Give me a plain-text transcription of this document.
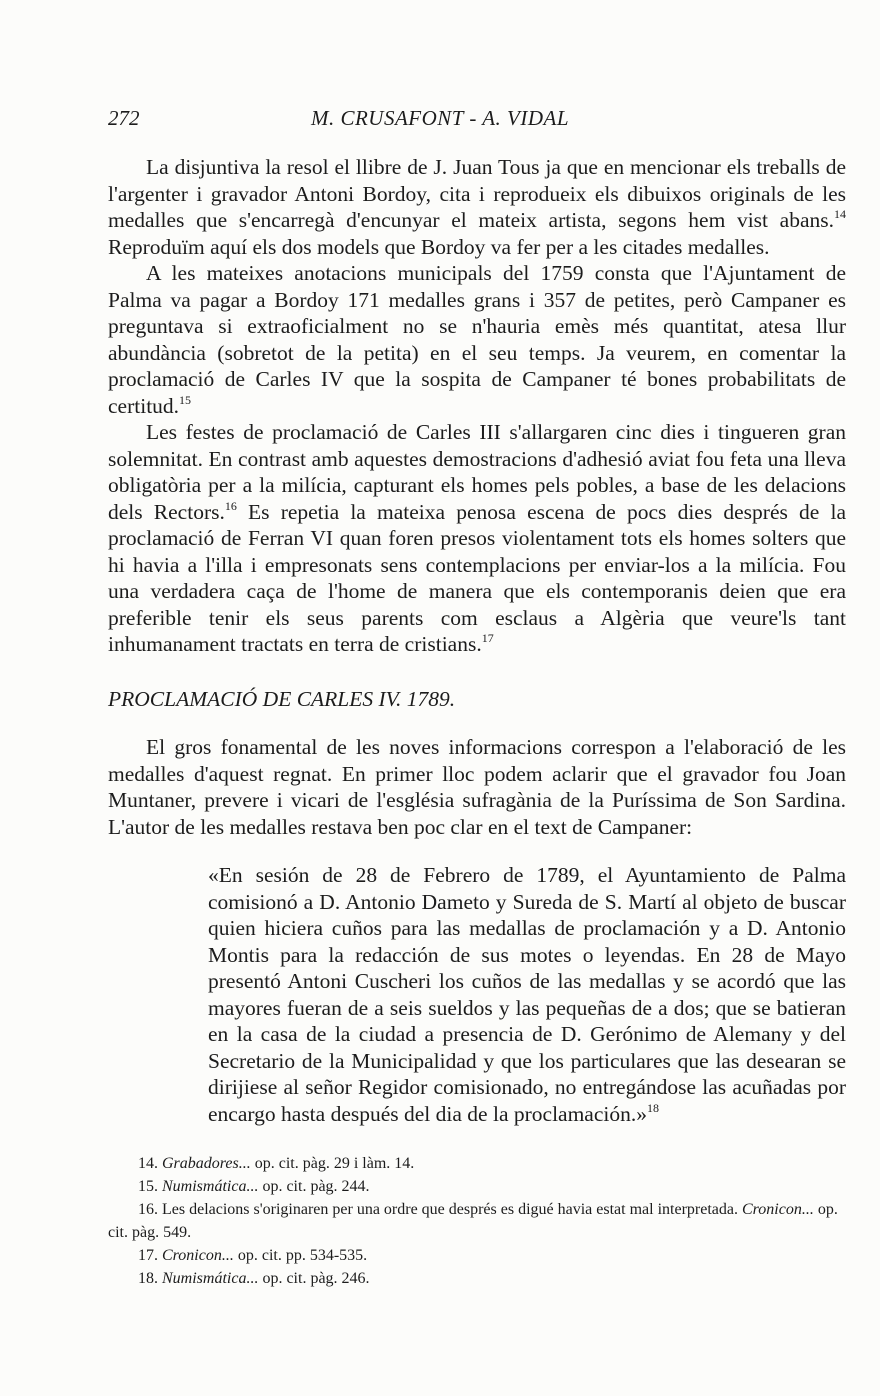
272	M. CRUSAFONT - A. VIDAL

La disjuntiva la resol el llibre de J. Juan Tous ja que en mencionar els treballs de l'argenter i gravador Antoni Bordoy, cita i reprodueix els dibuixos originals de les medalles que s'encarregà d'encunyar el mateix artista, segons hem vist abans.$^{14}$ Reproduïm aquí els dos models que Bordoy va fer per a les citades medalles.

A les mateixes anotacions municipals del 1759 consta que l'Ajuntament de Palma va pagar a Bordoy 171 medalles grans i 357 de petites, però Campaner es preguntava si extraoficialment no se n'hauria emès més quantitat, atesa llur abundància (sobretot de la petita) en el seu temps. Ja veurem, en comentar la proclamació de Carles IV que la sospita de Campaner té bones probabilitats de certitud.$^{15}$

Les festes de proclamació de Carles III s'allargaren cinc dies i tingueren gran solemnitat. En contrast amb aquestes demostracions d'adhesió aviat fou feta una lleva obligatòria per a la milícia, capturant els homes pels pobles, a base de les delacions dels Rectors.$^{16}$ Es repetia la mateixa penosa escena de pocs dies després de la proclamació de Ferran VI quan foren presos violentament tots els homes solters que hi havia a l'illa i empresonats sens contemplacions per enviar-los a la milícia. Fou una verdadera caça de l'home de manera que els contemporanis deien que era preferible tenir els seus parents com esclaus a Algèria que veure'ls tant inhumanament tractats en terra de cristians.$^{17}$

PROCLAMACIÓ DE CARLES IV. 1789.

El gros fonamental de les noves informacions correspon a l'elaboració de les medalles d'aquest regnat. En primer lloc podem aclarir que el gravador fou Joan Muntaner, prevere i vicari de l'església sufragània de la Puríssima de Son Sardina. L'autor de les medalles restava ben poc clar en el text de Campaner:

«En sesión de 28 de Febrero de 1789, el Ayuntamiento de Palma comisionó a D. Antonio Dameto y Sureda de S. Martí al objeto de buscar quien hiciera cuños para las medallas de proclamación y a D. Antonio Montis para la redacción de sus motes o leyendas. En 28 de Mayo presentó Antoni Cuscheri los cuños de las medallas y se acordó que las mayores fueran de a seis sueldos y las pequeñas de a dos; que se batieran en la casa de la ciudad a presencia de D. Gerónimo de Alemany y del Secretario de la Municipalidad y que los particulares que las desearan se dirijiese al señor Regidor comisionado, no entregándose las acuñadas por encargo hasta después del dia de la proclamación.»$^{18}$

14. Grabadores... op. cit. pàg. 29 i làm. 14.

15. Numismática... op. cit. pàg. 244.

16. Les delacions s'originaren per una ordre que després es digué havia estat mal interpretada. Cronicon... op. cit. pàg. 549.

17. Cronicon... op. cit. pp. 534-535.

18. Numismática... op. cit. pàg. 246.
